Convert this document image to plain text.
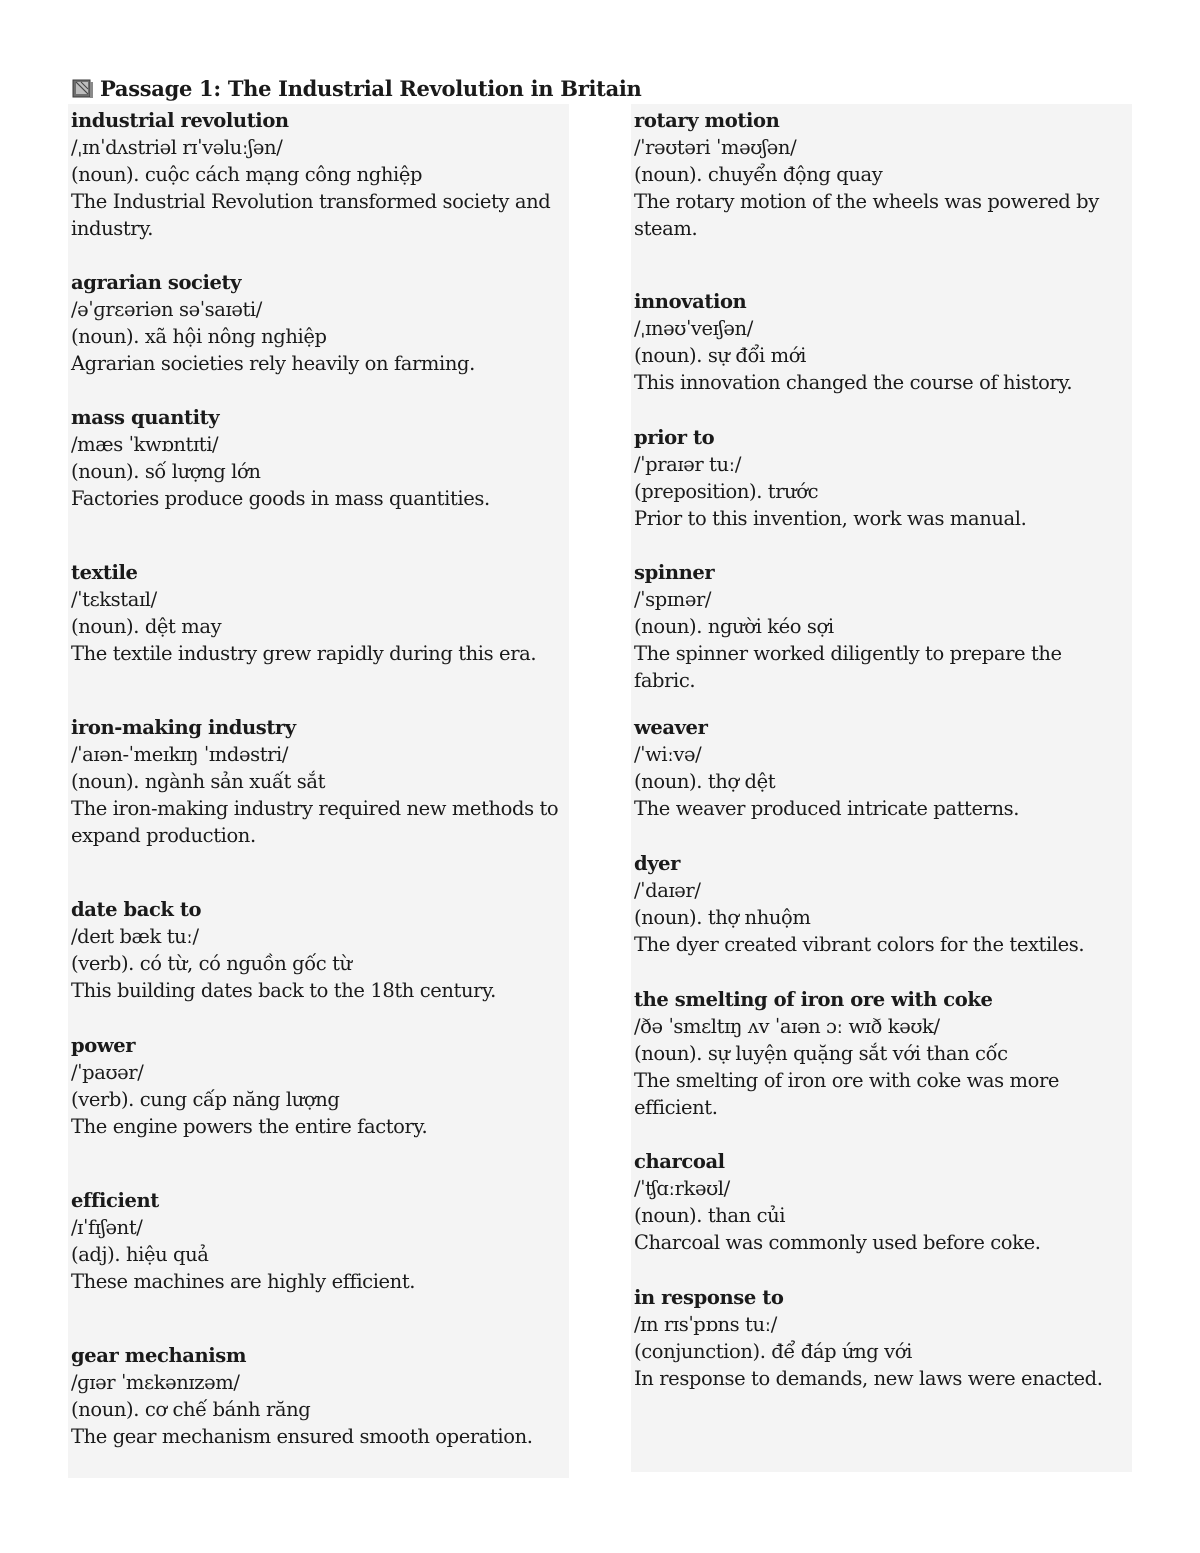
Passage 1: The Industrial Revolution in Britain
industrial revolution
/ˌɪnˈdʌstriəl rɪˈvəluːʃən/
(noun). cuộc cách mạng công nghiệp
The Industrial Revolution transformed society and industry.
agrarian society
/əˈɡrɛəriən səˈsaɪəti/
(noun). xã hội nông nghiệp
Agrarian societies rely heavily on farming.
mass quantity
/mæs ˈkwɒntɪti/
(noun). số lượng lớn
Factories produce goods in mass quantities.
textile
/ˈtɛkstaɪl/
(noun). dệt may
The textile industry grew rapidly during this era.
iron-making industry
/ˈaɪən-ˈmeɪkɪŋ ˈɪndəstri/
(noun). ngành sản xuất sắt
The iron-making industry required new methods to expand production.
date back to
/deɪt bæk tuː/
(verb). có từ, có nguồn gốc từ
This building dates back to the 18th century.
power
/ˈpaʊər/
(verb). cung cấp năng lượng
The engine powers the entire factory.
efficient
/ɪˈfɪʃənt/
(adj). hiệu quả
These machines are highly efficient.
gear mechanism
/ɡɪər ˈmɛkənɪzəm/
(noun). cơ chế bánh răng
The gear mechanism ensured smooth operation.
rotary motion
/ˈrəʊtəri ˈməʊʃən/
(noun). chuyển động quay
The rotary motion of the wheels was powered by steam.
innovation
/ˌɪnəʊˈveɪʃən/
(noun). sự đổi mới
This innovation changed the course of history.
prior to
/ˈpraɪər tuː/
(preposition). trước
Prior to this invention, work was manual.
spinner
/ˈspɪnər/
(noun). người kéo sợi
The spinner worked diligently to prepare the fabric.
weaver
/ˈwiːvə/
(noun). thợ dệt
The weaver produced intricate patterns.
dyer
/ˈdaɪər/
(noun). thợ nhuộm
The dyer created vibrant colors for the textiles.
the smelting of iron ore with coke
/ðə ˈsmɛltɪŋ ʌv ˈaɪən ɔː wɪð kəʊk/
(noun). sự luyện quặng sắt với than cốc
The smelting of iron ore with coke was more efficient.
charcoal
/ˈʧɑːrkəʊl/
(noun). than củi
Charcoal was commonly used before coke.
in response to
/ɪn rɪsˈpɒns tuː/
(conjunction). để đáp ứng với
In response to demands, new laws were enacted.
